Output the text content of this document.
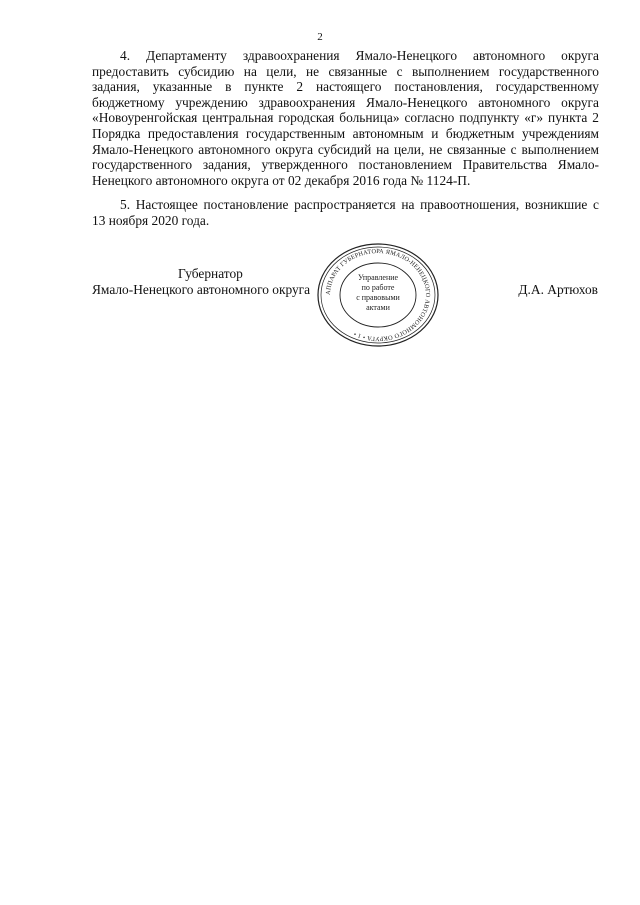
2

4. Департаменту здравоохранения Ямало-Ненецкого автономного округа предоставить субсидию на цели, не связанные с выполнением государственного задания, указанные в пункте 2 настоящего постановления, государственному бюджетному учреждению здравоохранения Ямало-Ненецкого автономного округа «Новоуренгойская центральная городская больница» согласно подпункту «г» пункта 2 Порядка предоставления государственным автономным и бюджетным учреждениям Ямало-Ненецкого автономного округа субсидий на цели, не связанные с выполнением государственного задания, утвержденного постановлением Правительства Ямало-Ненецкого автономного округа от 02 декабря 2016 года № 1124-П.

5. Настоящее постановление распространяется на правоотношения, возникшие с 13 ноября 2020 года.

Губернатор
Ямало-Ненецкого автономного округа	Д.А. Артюхов
АППАРАТ ГУБЕРНАТОРА ЯМАЛО-НЕНЕЦКОГО АВТОНОМНОГО ОКРУГА • 1 •
Управление
по работе
с правовыми
актами
